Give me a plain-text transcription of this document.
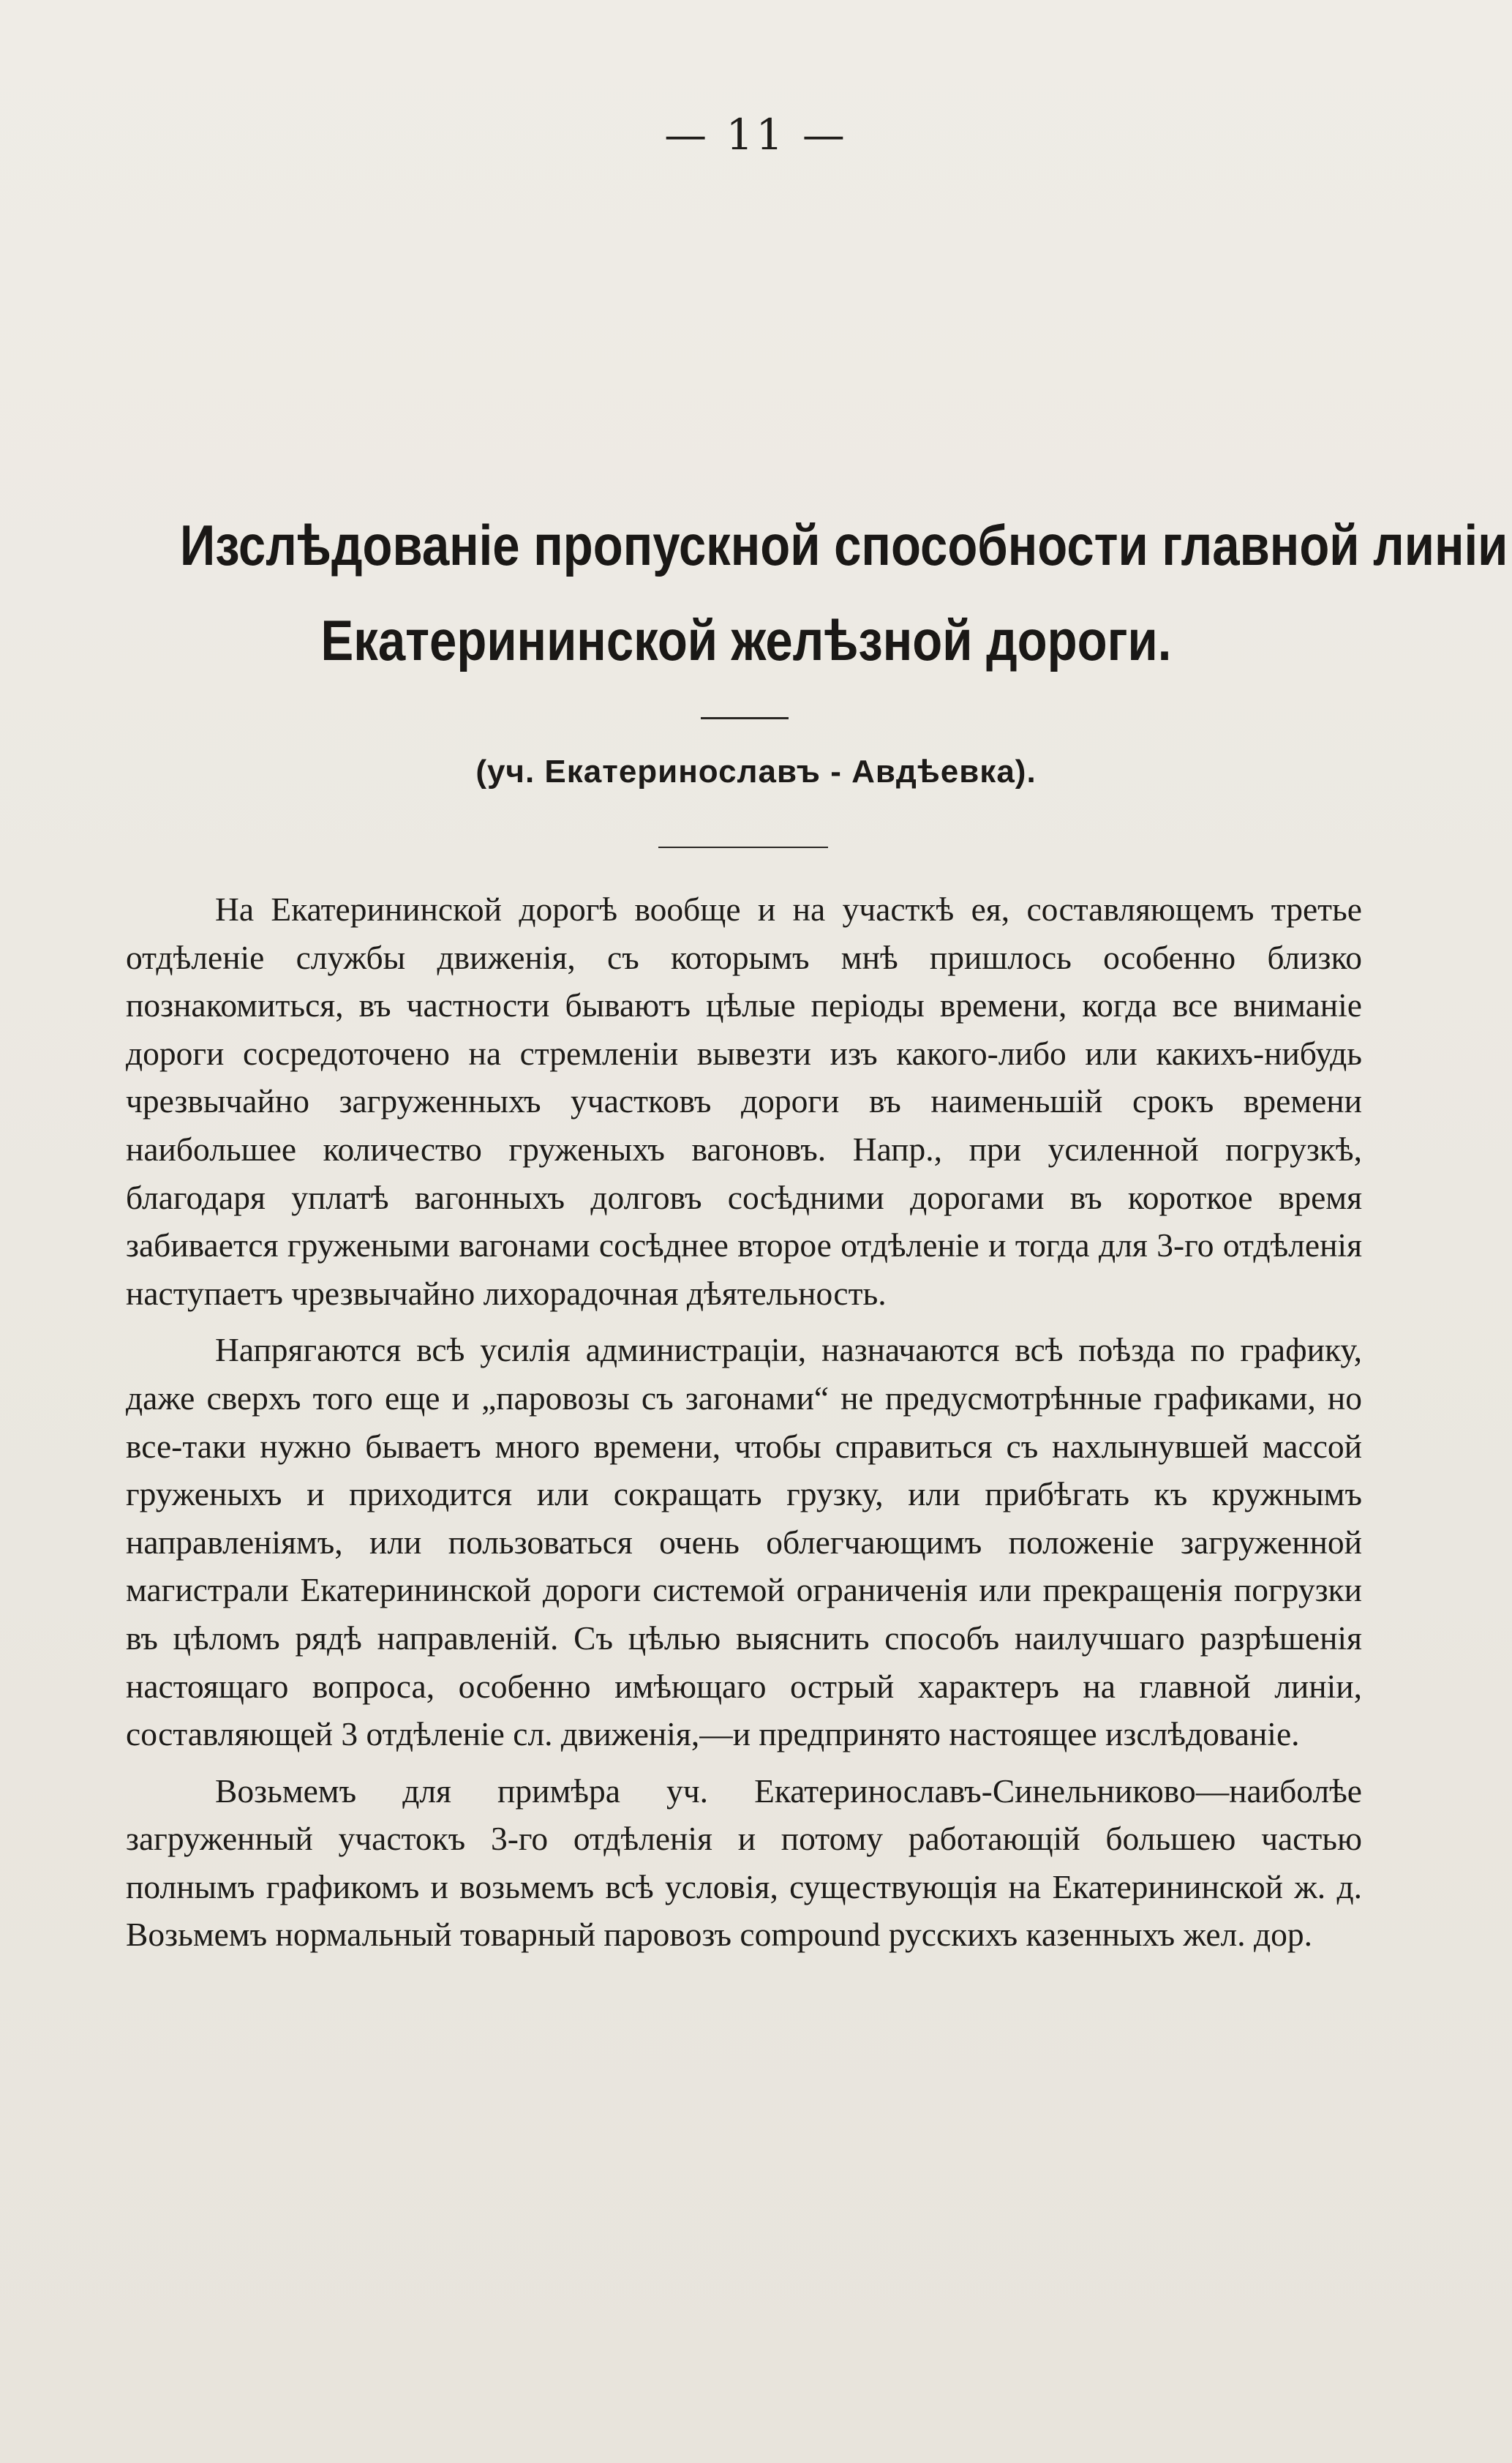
— 11 —
Изслѣдованіе пропускной способности главной линіи
Екатерининской желѣзной дороги.
(уч. Екатеринославъ - Авдѣевка).

На Екатерининской дорогѣ вообще и на участкѣ ея, составляющемъ третье отдѣленіе службы движенія, съ которымъ мнѣ пришлось особенно близко познакомиться, въ частности бываютъ цѣлые періоды времени, когда все вниманіе дороги сосредоточено на стремленіи вывезти изъ какого-либо или какихъ-нибудь чрезвычайно загруженныхъ участковъ дороги въ наименьшій срокъ времени наибольшее количество груженыхъ вагоновъ. Напр., при усиленной погрузкѣ, благодаря уплатѣ вагонныхъ долговъ сосѣдними дорогами въ короткое время забивается гружеными вагонами сосѣднее второе отдѣленіе и тогда для 3-го отдѣленія наступаетъ чрезвычайно лихорадочная дѣятельность.

Напрягаются всѣ усилія администраціи, назначаются всѣ поѣзда по графику, даже сверхъ того еще и „паровозы съ загонами“ не предусмотрѣнные графиками, но все-таки нужно бываетъ много времени, чтобы справиться съ нахлынувшей массой груженыхъ и приходится или сокращать грузку, или прибѣгать къ кружнымъ направленіямъ, или пользоваться очень облегчающимъ положеніе загруженной магистрали Екатерининской дороги системой ограниченія или прекращенія погрузки въ цѣломъ рядѣ направленій. Съ цѣлью выяснить способъ наилучшаго разрѣшенія настоящаго вопроса, особенно имѣющаго острый характеръ на главной линіи, составляющей 3 отдѣленіе сл. движенія,—и предпринято настоящее изслѣдованіе.

Возьмемъ для примѣра уч. Екатеринославъ-Синельниково—наиболѣе загруженный участокъ 3-го отдѣленія и потому работающій большею частью полнымъ графикомъ и возьмемъ всѣ условія, существующія на Екатерининской ж. д. Возьмемъ нормальный товарный паровозъ compound русскихъ казенныхъ жел. дор.
